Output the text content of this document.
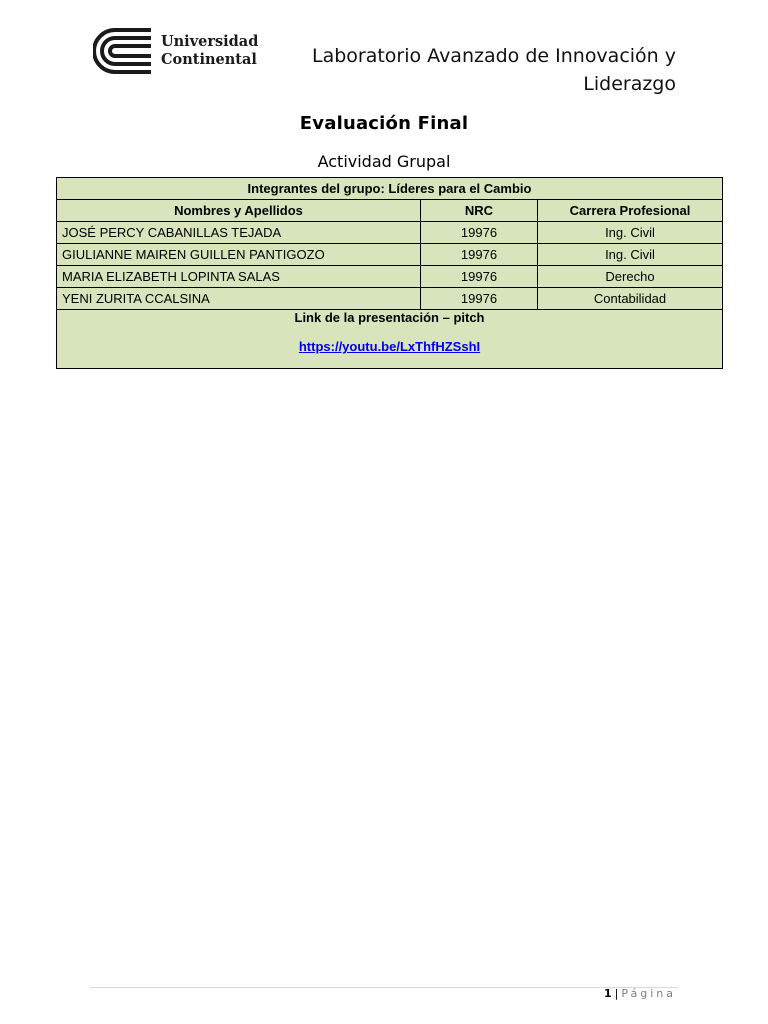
Universidad
Continental	Laboratorio Avanzado de Innovación y
Liderazgo
Evaluación Final
Actividad Grupal
Integrantes del grupo: Líderes para el Cambio		
Nombres y Apellidos	NRC	Carrera Profesional
JOSÉ PERCY CABANILLAS TEJADA	19976	Ing. Civil
GIULIANNE MAIREN GUILLEN PANTIGOZO	19976	Ing. Civil
MARIA ELIZABETH LOPINTA SALAS	19976	Derecho
YENI ZURITA CCALSINA	19976	Contabilidad

Link de la presentación – pitch
https://youtu.be/LxThfHZSshI		
1 | Página
